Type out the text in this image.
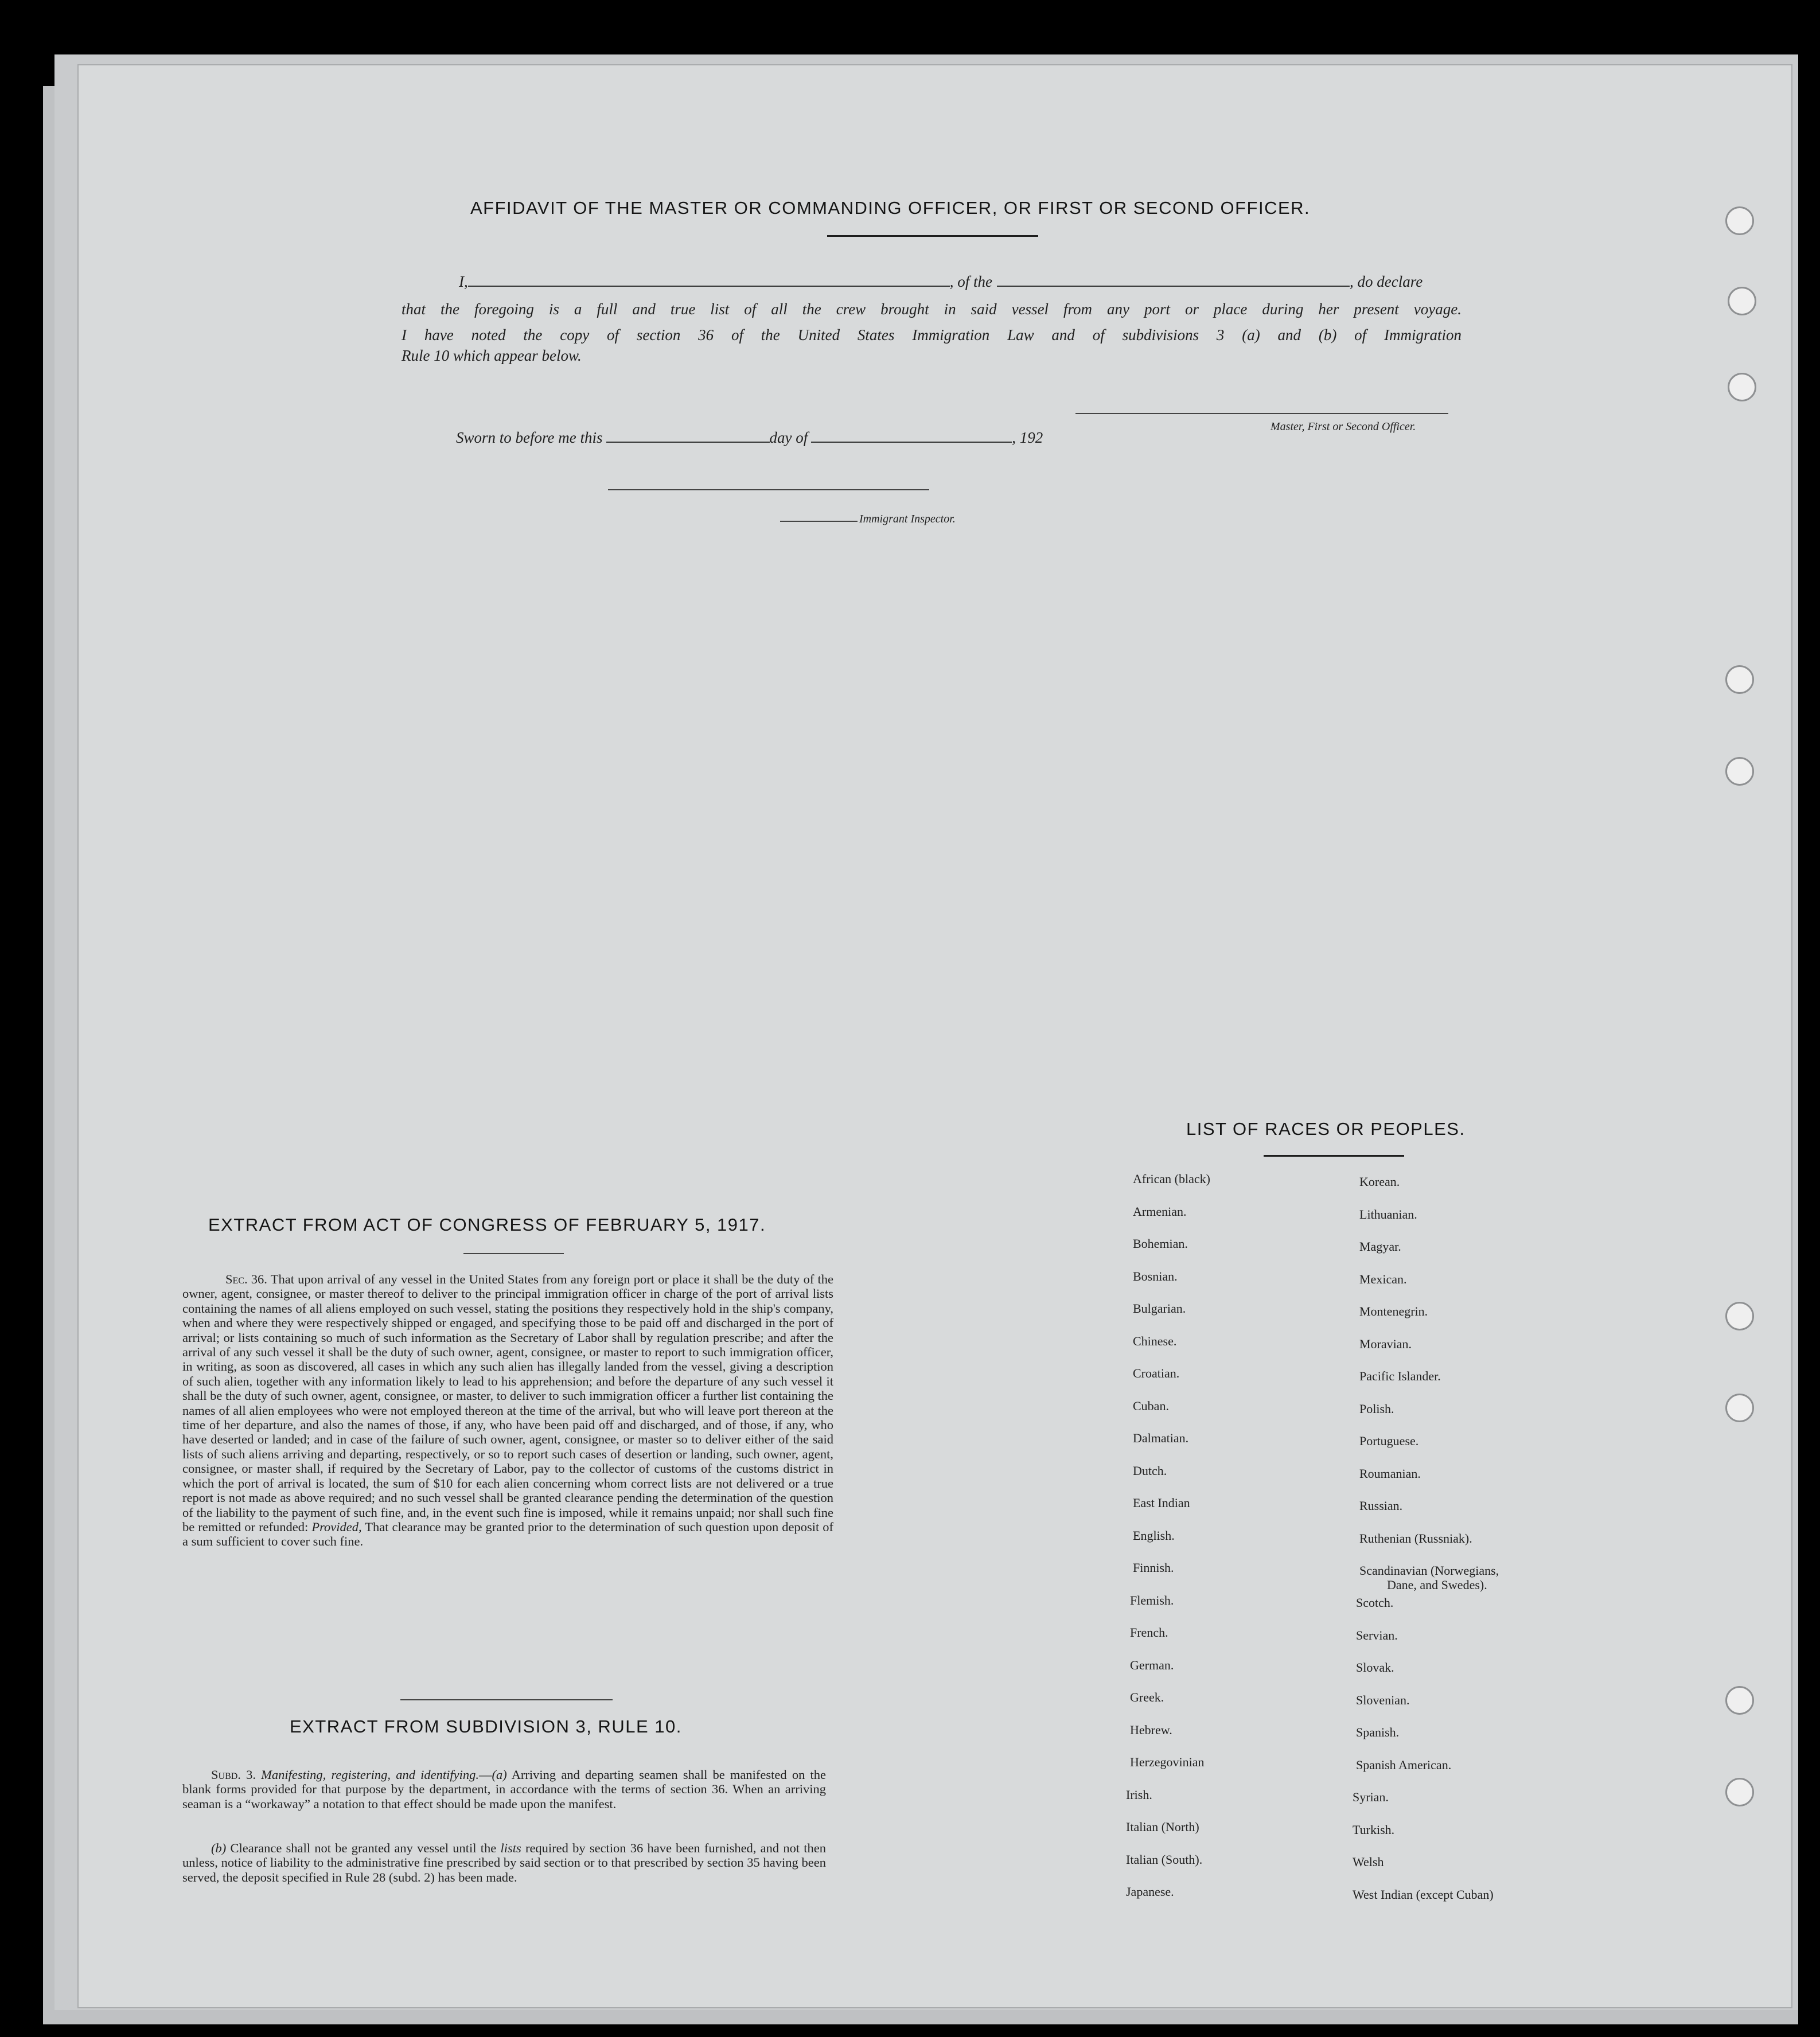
AFFIDAVIT OF THE MASTER OR COMMANDING OFFICER, OR FIRST OR SECOND OFFICER.
I,	, of the	, do declare
that the foregoing is a full and true list of all the crew brought in said vessel from any port or place during her present voyage.
I have noted the copy of section 36 of the United States Immigration Law and of subdivisions 3 (a) and (b) of Immigration
Rule 10 which appear below.
Master, First or Second Officer.
Sworn to before me this	day of	, 192
Immigrant Inspector.
EXTRACT FROM ACT OF CONGRESS OF FEBRUARY 5, 1917.
Sec. 36. That upon arrival of any vessel in the United States from any foreign port or place it shall be the duty of the owner, agent, consignee, or master thereof to deliver to the principal immigration officer in charge of the port of arrival lists containing the names of all aliens employed on such vessel, stating the positions they respectively hold in the ship's company, when and where they were respectively shipped or engaged, and specifying those to be paid off and discharged in the port of arrival; or lists containing so much of such information as the Secretary of Labor shall by regulation prescribe; and after the arrival of any such vessel it shall be the duty of such owner, agent, consignee, or master to report to such immigration officer, in writing, as soon as discovered, all cases in which any such alien has illegally landed from the vessel, giving a description of such alien, together with any information likely to lead to his apprehension; and before the departure of any such vessel it shall be the duty of such owner, agent, consignee, or master, to deliver to such immigration officer a further list containing the names of all alien employees who were not employed thereon at the time of the arrival, but who will leave port thereon at the time of her departure, and also the names of those, if any, who have been paid off and discharged, and of those, if any, who have deserted or landed; and in case of the failure of such owner, agent, consignee, or master so to deliver either of the said lists of such aliens arriving and departing, respectively, or so to report such cases of desertion or landing, such owner, agent, consignee, or master shall, if required by the Secretary of Labor, pay to the collector of customs of the customs district in which the port of arrival is located, the sum of $10 for each alien concerning whom correct lists are not delivered or a true report is not made as above required; and no such vessel shall be granted clearance pending the determination of the question of the liability to the payment of such fine, and, in the event such fine is imposed, while it remains unpaid; nor shall such fine be remitted or refunded: Provided, That clearance may be granted prior to the determination of such question upon deposit of a sum sufficient to cover such fine.
EXTRACT FROM SUBDIVISION 3, RULE 10.
Subd. 3. Manifesting, registering, and identifying.—(a) Arriving and departing seamen shall be manifested on the blank forms provided for that purpose by the department, in accordance with the terms of section 36. When an arriving seaman is a “workaway” a notation to that effect should be made upon the manifest.
(b) Clearance shall not be granted any vessel until the lists required by section 36 have been furnished, and not then unless, notice of liability to the administrative fine prescribed by said section or to that prescribed by section 35 having been served, the deposit specified in Rule 28 (subd. 2) has been made.
LIST OF RACES OR PEOPLES.
African (black)
Armenian.
Bohemian.
Bosnian.
Bulgarian.
Chinese.
Croatian.
Cuban.
Dalmatian.
Dutch.
East Indian
English.
Finnish.
Flemish.
French.
German.
Greek.
Hebrew.
Herzegovinian
Irish.
Italian (North)
Italian (South).
Japanese.
Korean.
Lithuanian.
Magyar.
Mexican.
Montenegrin.
Moravian.
Pacific Islander.
Polish.
Portuguese.
Roumanian.
Russian.
Ruthenian (Russniak).
Scandinavian (Norwegians,
Dane, and Swedes).
Scotch.
Servian.
Slovak.
Slovenian.
Spanish.
Spanish American.
Syrian.
Turkish.
Welsh
West Indian (except Cuban)
